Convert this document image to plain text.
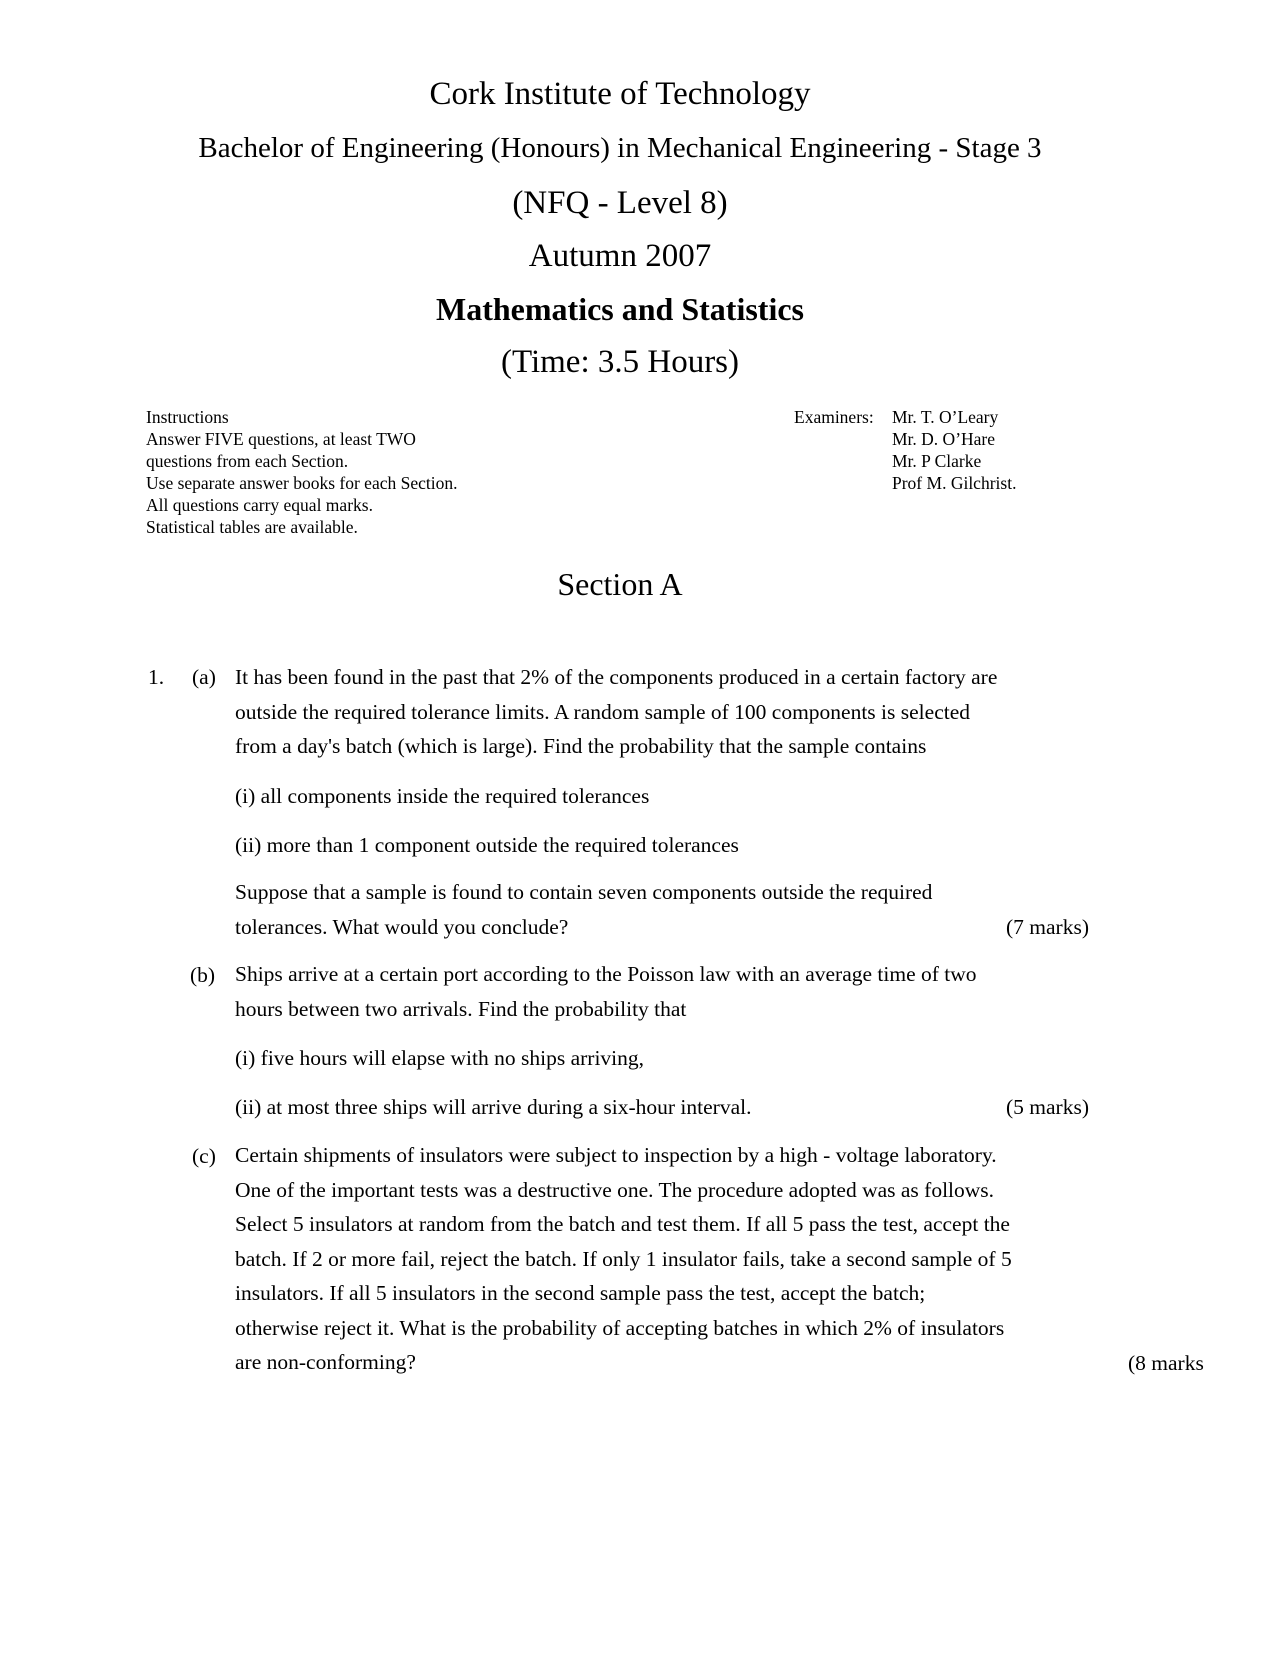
Cork Institute of Technology
Bachelor of Engineering (Honours) in Mechanical Engineering - Stage 3
(NFQ - Level 8)
Autumn 2007
Mathematics and Statistics
(Time: 3.5 Hours)
Instructions
Answer FIVE questions, at least TWO
questions from each Section.
Use separate answer books for each Section.
All questions carry equal marks.
Statistical tables are available.
Examiners: Mr. T. O’Leary
Mr. D. O’Hare
Mr. P Clarke
Prof M. Gilchrist.
Section A
1. (a) It has been found in the past that 2% of the components produced in a certain factory are
outside the required tolerance limits. A random sample of 100 components is selected
from a day's batch (which is large). Find the probability that the sample contains
(i) all components inside the required tolerances
(ii) more than 1 component outside the required tolerances
Suppose that a sample is found to contain seven components outside the required
tolerances. What would you conclude?	(7 marks)
(b) Ships arrive at a certain port according to the Poisson law with an average time of two
hours between two arrivals. Find the probability that
(i) five hours will elapse with no ships arriving,
(ii) at most three ships will arrive during a six-hour interval.	(5 marks)
(c) Certain shipments of insulators were subject to inspection by a high - voltage laboratory.
One of the important tests was a destructive one. The procedure adopted was as follows.
Select 5 insulators at random from the batch and test them. If all 5 pass the test, accept the
batch. If 2 or more fail, reject the batch. If only 1 insulator fails, take a second sample of 5
insulators. If all 5 insulators in the second sample pass the test, accept the batch;
otherwise reject it. What is the probability of accepting batches in which 2% of insulators
are non-conforming?	(8 marks
